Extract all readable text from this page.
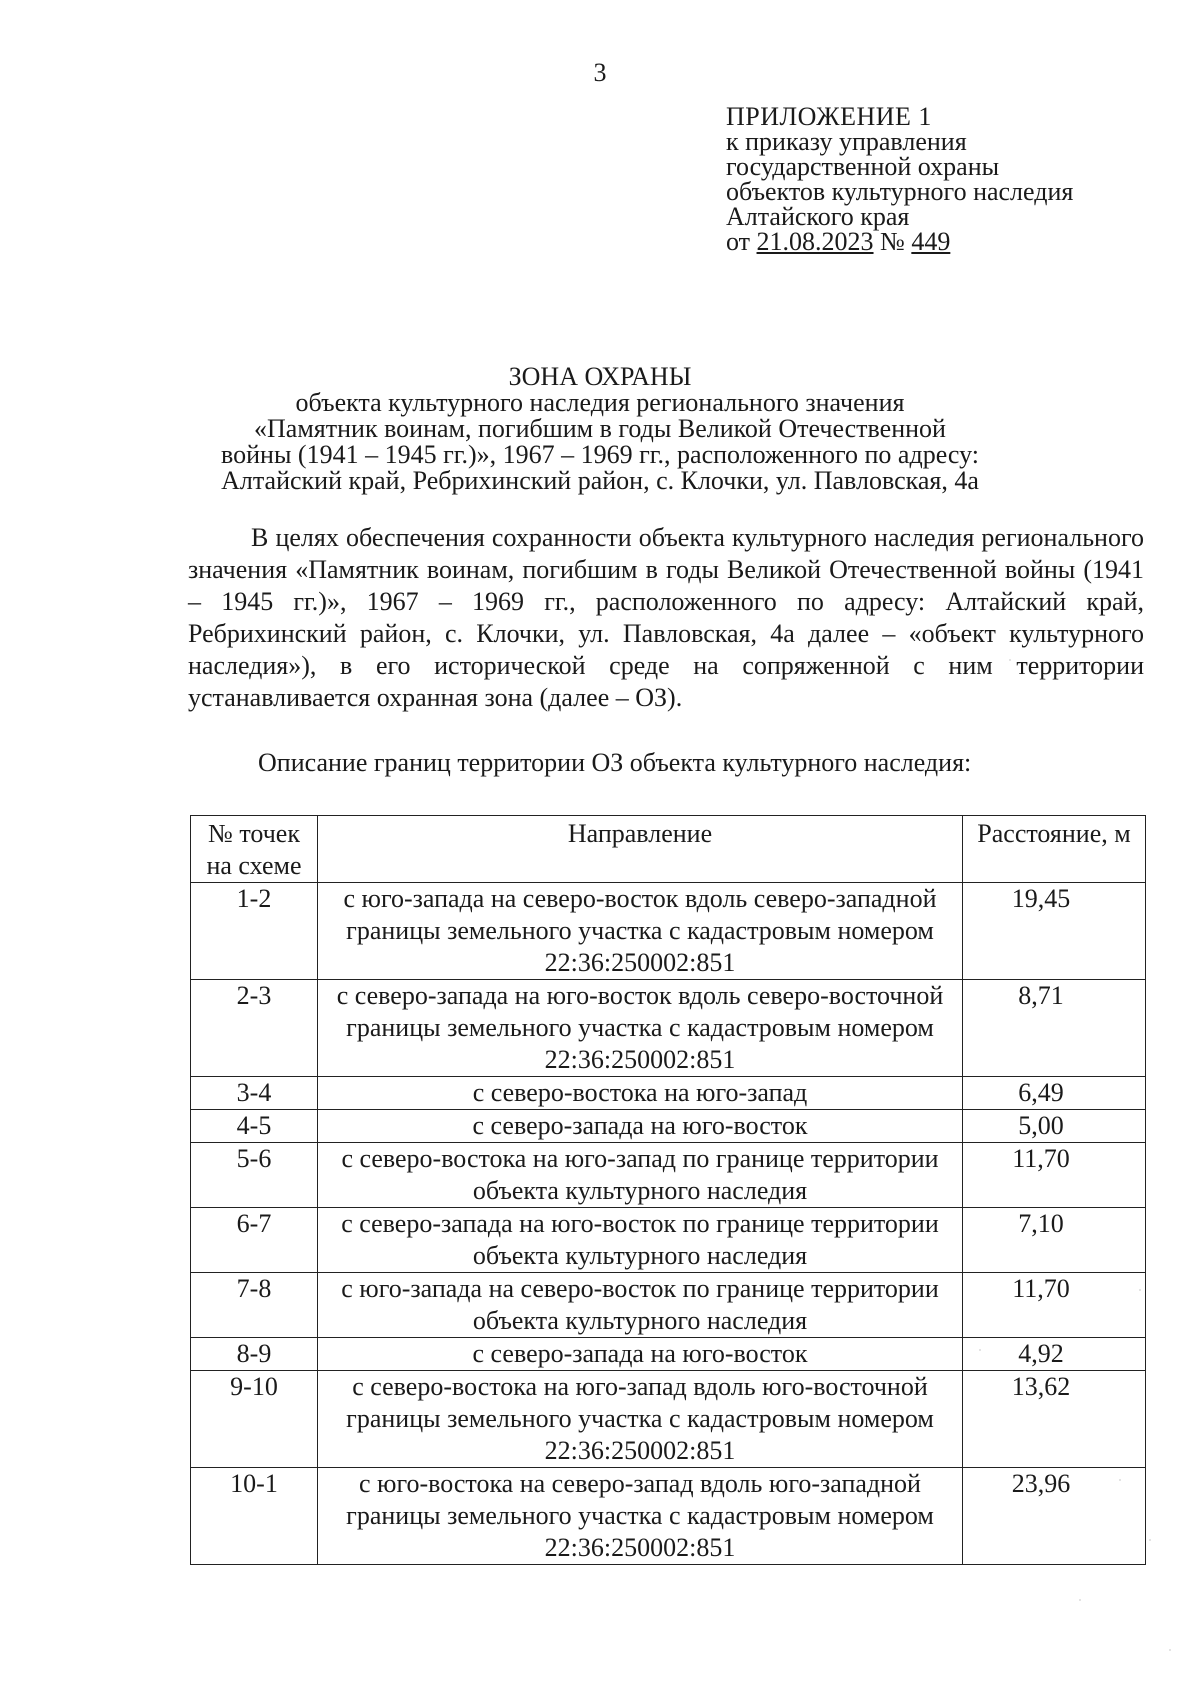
3
ПРИЛОЖЕНИЕ 1
к приказу управления
государственной охраны
объектов культурного наследия
Алтайского края
от 21.08.2023 № 449
ЗОНА ОХРАНЫ
объекта культурного наследия регионального значения
«Памятник воинам, погибшим в годы Великой Отечественной
войны (1941 – 1945 гг.)», 1967 – 1969 гг., расположенного по адресу:
Алтайский край, Ребрихинский район, с. Клочки, ул. Павловская, 4а

В целях обеспечения сохранности объекта культурного наследия регионального значения «Памятник воинам, погибшим в годы Великой Отечественной войны (1941 – 1945 гг.)», 1967 – 1969 гг., расположенного по адресу: Алтайский край, Ребрихинский район, с. Клочки, ул. Павловская, 4а далее – «объект культурного наследия»), в его исторической среде на сопряженной с ним территории устанавливается охранная зона (далее – ОЗ).

Описание границ территории ОЗ объекта культурного наследия:
№ точек на схеме	Направление	Расстояние, м
1-2	с юго-запада на северо-восток вдоль северо-западной границы земельного участка с кадастровым номером 22:36:250002:851	19,45
2-3	с северо-запада на юго-восток вдоль северо-восточной границы земельного участка с кадастровым номером 22:36:250002:851	8,71
3-4	с северо-востока на юго-запад	6,49
4-5	с северо-запада на юго-восток	5,00
5-6	с северо-востока на юго-запад по границе территории объекта культурного наследия	11,70
6-7	с северо-запада на юго-восток по границе территории объекта культурного наследия	7,10
7-8	с юго-запада на северо-восток по границе территории объекта культурного наследия	11,70
8-9	с северо-запада на юго-восток	4,92
9-10	с северо-востока на юго-запад вдоль юго-восточной границы земельного участка с кадастровым номером 22:36:250002:851	13,62
10-1	с юго-востока на северо-запад вдоль юго-западной границы земельного участка с кадастровым номером 22:36:250002:851	23,96
